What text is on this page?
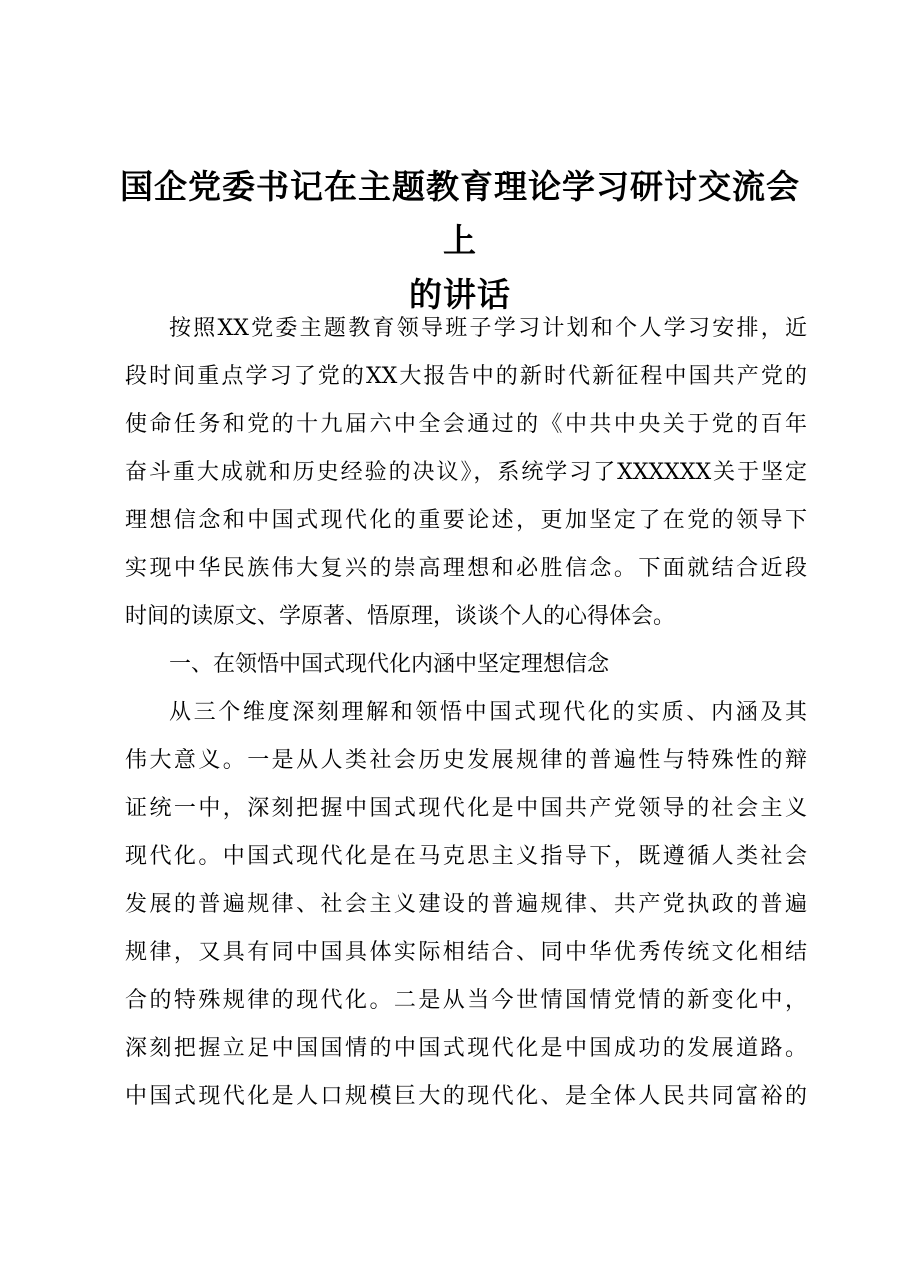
国企党委书记在主题教育理论学习研讨交流会上
的讲话

按照XX党委主题教育领导班子学习计划和个人学习安排，近

段时间重点学习了党的XX大报告中的新时代新征程中国共产党的

使命任务和党的十九届六中全会通过的《中共中央关于党的百年

奋斗重大成就和历史经验的决议》，系统学习了XXXXXX关于坚定

理想信念和中国式现代化的重要论述，更加坚定了在党的领导下

实现中华民族伟大复兴的崇高理想和必胜信念。下面就结合近段

时间的读原文、学原著、悟原理，谈谈个人的心得体会。

一、在领悟中国式现代化内涵中坚定理想信念

从三个维度深刻理解和领悟中国式现代化的实质、内涵及其

伟大意义。一是从人类社会历史发展规律的普遍性与特殊性的辩

证统一中，深刻把握中国式现代化是中国共产党领导的社会主义

现代化。中国式现代化是在马克思主义指导下，既遵循人类社会

发展的普遍规律、社会主义建设的普遍规律、共产党执政的普遍

规律，又具有同中国具体实际相结合、同中华优秀传统文化相结

合的特殊规律的现代化。二是从当今世情国情党情的新变化中，

深刻把握立足中国国情的中国式现代化是中国成功的发展道路。

中国式现代化是人口规模巨大的现代化、是全体人民共同富裕的
